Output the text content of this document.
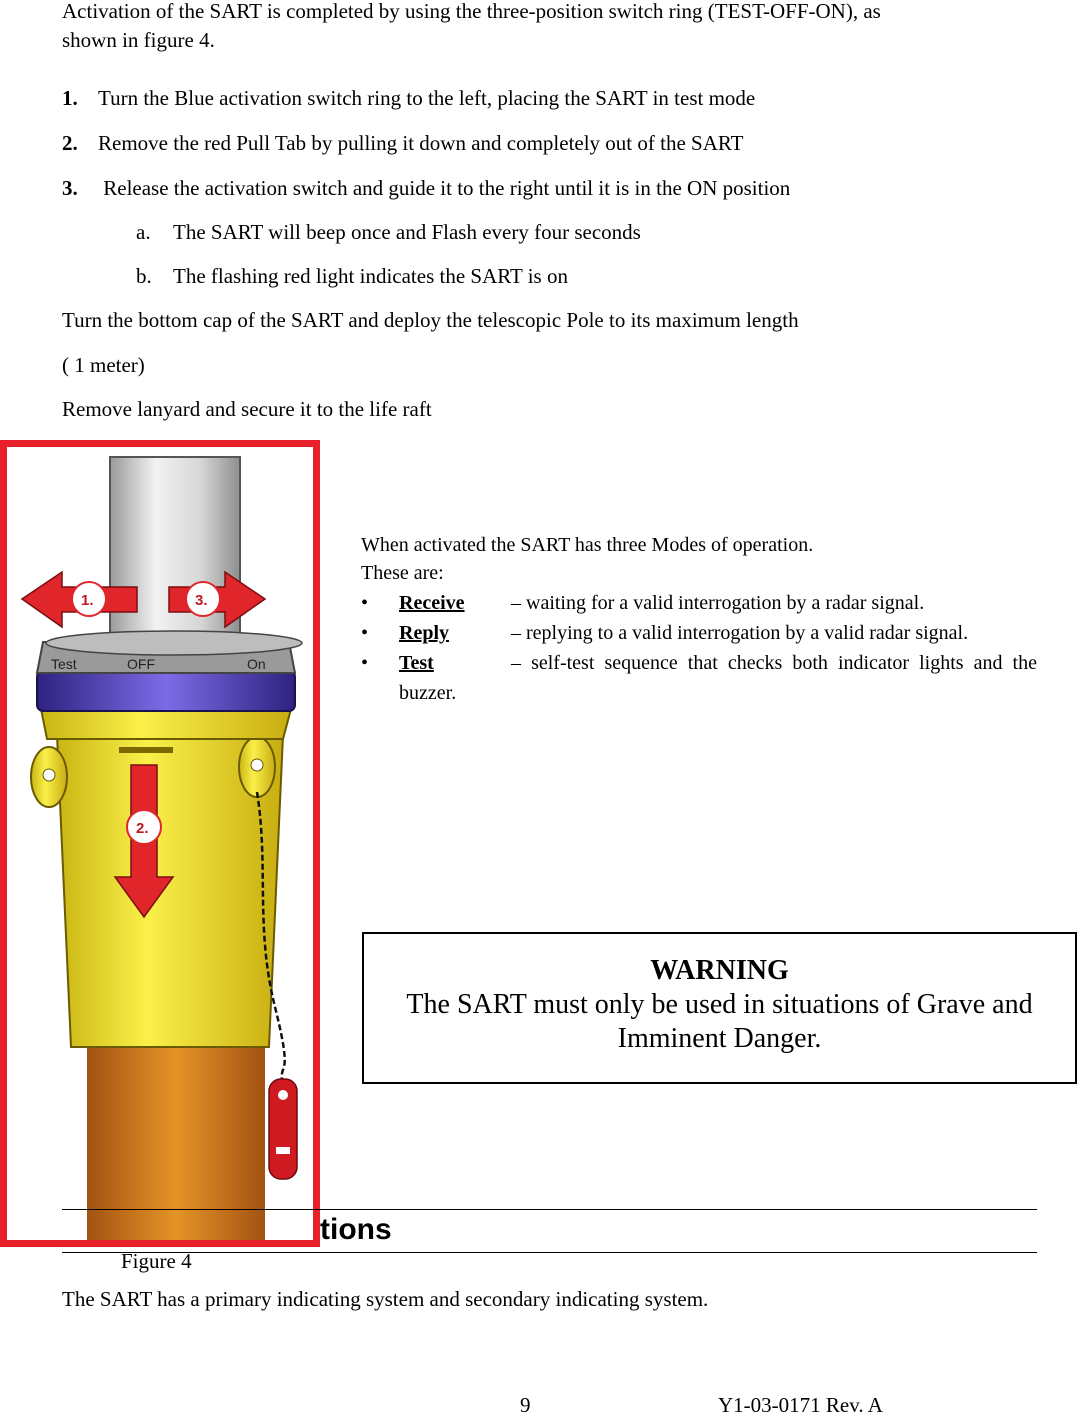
Activation of the SART is completed by using the three-position switch ring (TEST-OFF-ON), as
shown in figure 4.
1. Turn the Blue activation switch ring to the left, placing the SART in test mode
2. Remove the red Pull Tab by pulling it down and completely out of the SART
3. Release the activation switch and guide it to the right until it is in the ON position
a. The SART will beep once and Flash every four seconds
b. The flashing red light indicates the SART is on
Turn the bottom cap of the SART and deploy the telescopic Pole to its maximum length
( 1 meter)
Remove lanyard and secure it to the life raft
Test	OFF	On
1.	3.
2.
When activated the SART has three Modes of operation.
These are:
•	Receive – waiting for a valid interrogation by a radar signal.
•	Reply	– replying to a valid interrogation by a valid radar signal.
•	Test	– self-test sequence that checks both indicator lights and the buzzer.
WARNING
The SART must only be used in situations of Grave and Imminent Danger.
tions
Figure 4
The SART has a primary indicating system and secondary indicating system.
9	Y1-03-0171 Rev. A
